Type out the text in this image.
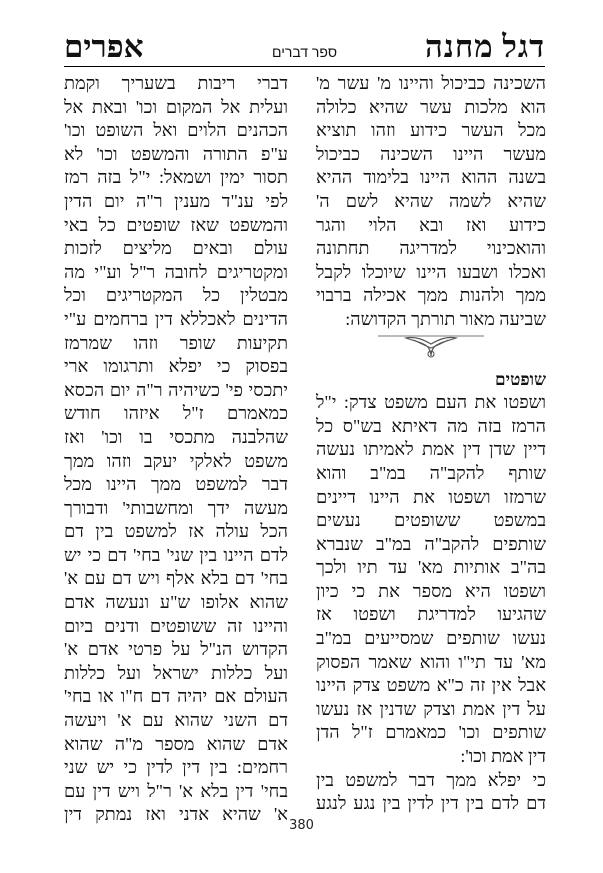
דגל מחנה
ספר דברים
אפרים
השכינה כביכול והיינו מ' עשר מ'
הוא מלכות עשר שהיא כלולה
מכל העשר כידוע וזהו תוציא
מעשר היינו השכינה כביכול
בשנה ההוא היינו בלימוד ההיא
שהיא לשמה שהיא לשם ה'
כידוע ואז ובא הלוי והגר
והואכינוי למדריגה תחתונה
ואכלו ושבעו היינו שיוכלו לקבל
ממך ולהנות ממך אכילה ברבוי
שביעה מאור תורתך הקדושה:
שופטים
ושפטו את העם משפט צדק: י"ל
הרמז בזה מה דאיתא בש"ס כל
דיין שדן דין אמת לאמיתו נעשה
שותף להקב"ה במ"ב והוא
שרמזו ושפטו את היינו דיינים
במשפט ששופטים נעשים
שותפים להקב"ה במ"ב שנברא
בה"ב אותיות מא' עד תיו ולכך
ושפטו היא מספר את כי כיון
שהגיעו למדריגת ושפטו אז
נעשו שותפים שמסייעים במ"ב
מא' עד תי"ו והוא שאמר הפסוק
אבל אין זה כ"א משפט צדק היינו
על דין אמת וצדק שדנין אז נעשו
שותפים וכו' כמאמרם ז"ל הדן
דין אמת וכו':
כי יפלא ממך דבר למשפט בין
דם לדם בין דין לדין בין נגע לנגע
דברי ריבות בשעריך וקמת
ועלית אל המקום וכו' ובאת אל
הכהנים הלוים ואל השופט וכו'
ע"פ התורה והמשפט וכו' לא
תסור ימין ושמאל: י"ל בזה רמז
לפי ענ"ד מענין ר"ה יום הדין
והמשפט שאז שופטים כל באי
עולם ובאים מליצים לזכות
ומקטריגים לחובה ר"ל וע"י מה
מבטלין כל המקטריגים וכל
הדינים לאכללא דין ברחמים ע"י
תקיעות שופר וזהו שמרמז
בפסוק כי יפלא ותרגומו ארי
יתכסי פי' כשיהיה ר"ה יום הכסא
כמאמרם ז"ל איזהו חודש
שהלבנה מתכסי בו וכו' ואז
משפט לאלקי יעקב וזהו ממך
דבר למשפט ממך היינו מכל
מעשה ידך ומחשבותי' ודבורך
הכל עולה אז למשפט בין דם
לדם היינו בין שני' בחי' דם כי יש
בחי' דם בלא אלף ויש דם עם א'
שהוא אלופו ש"ע ונעשה אדם
והיינו זה ששופטים ודנים ביום
הקדוש הנ"ל על פרטי אדם א'
ועל כללות ישראל ועל כללות
העולם אם יהיה דם ח"ו או בחי'
דם השני שהוא עם א' ויעשה
אדם שהוא מספר מ"ה שהוא
רחמים: בין דין לדין כי יש שני
בחי' דין בלא א' ר"ל ויש דין עם
א' שהיא אדני ואז נמתק דין
380
